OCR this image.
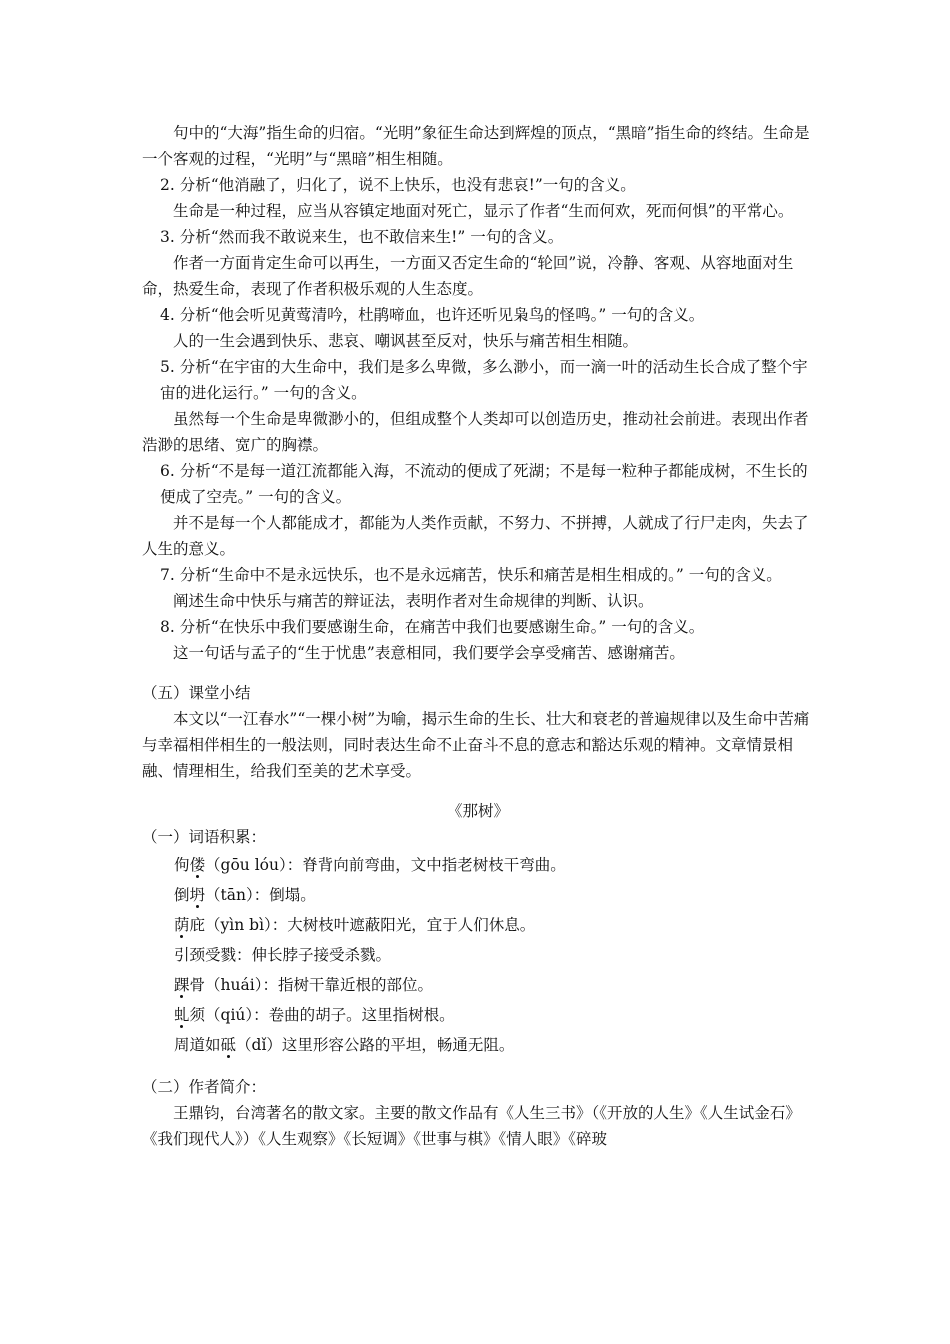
句中的“大海”指生命的归宿。“光明”象征生命达到辉煌的顶点，“黑暗”指生命的终结。生命是一个客观的过程，“光明”与“黑暗”相生相随。

2. 分析“他消融了，归化了，说不上快乐，也没有悲哀!”一句的含义。

生命是一种过程，应当从容镇定地面对死亡，显示了作者“生而何欢，死而何惧”的平常心。

3. 分析“然而我不敢说来生，也不敢信来生!” 一句的含义。

作者一方面肯定生命可以再生，一方面又否定生命的“轮回”说，冷静、客观、从容地面对生命，热爱生命，表现了作者积极乐观的人生态度。

4. 分析“他会听见黄莺清吟，杜鹃啼血，也许还听见枭鸟的怪鸣。” 一句的含义。

人的一生会遇到快乐、悲哀、嘲讽甚至反对，快乐与痛苦相生相随。

5. 分析“在宇宙的大生命中，我们是多么卑微，多么渺小，而一滴一叶的活动生长合成了整个宇宙的进化运行。” 一句的含义。

虽然每一个生命是卑微渺小的，但组成整个人类却可以创造历史，推动社会前进。表现出作者浩渺的思绪、宽广的胸襟。

6. 分析“不是每一道江流都能入海，不流动的便成了死湖；不是每一粒种子都能成树，不生长的便成了空壳。” 一句的含义。

并不是每一个人都能成才，都能为人类作贡献，不努力、不拼搏，人就成了行尸走肉，失去了人生的意义。

7. 分析“生命中不是永远快乐，也不是永远痛苦，快乐和痛苦是相生相成的。” 一句的含义。

阐述生命中快乐与痛苦的辩证法，表明作者对生命规律的判断、认识。

8. 分析“在快乐中我们要感谢生命，在痛苦中我们也要感谢生命。” 一句的含义。

这一句话与孟子的“生于忧患”表意相同，我们要学会享受痛苦、感谢痛苦。

（五）课堂小结

本文以“一江春水”“一棵小树”为喻，揭示生命的生长、壮大和衰老的普遍规律以及生命中苦痛与幸福相伴相生的一般法则，同时表达生命不止奋斗不息的意志和豁达乐观的精神。文章情景相融、情理相生，给我们至美的艺术享受。

《那树》

（一）词语积累：

佝偻（gōu lóu）：脊背向前弯曲，文中指老树枝干弯曲。

倒坍（tān）：倒塌。

荫庇（yìn bì）：大树枝叶遮蔽阳光，宜于人们休息。

引颈受戮：伸长脖子接受杀戮。

踝骨（huái）：指树干靠近根的部位。

虬须（qiú）：卷曲的胡子。这里指树根。

周道如砥（dǐ）这里形容公路的平坦，畅通无阻。

（二）作者简介：

王鼎钧，台湾著名的散文家。主要的散文作品有《人生三书》（《开放的人生》《人生试金石》《我们现代人》）《人生观察》《长短调》《世事与棋》《情人眼》《碎玻
